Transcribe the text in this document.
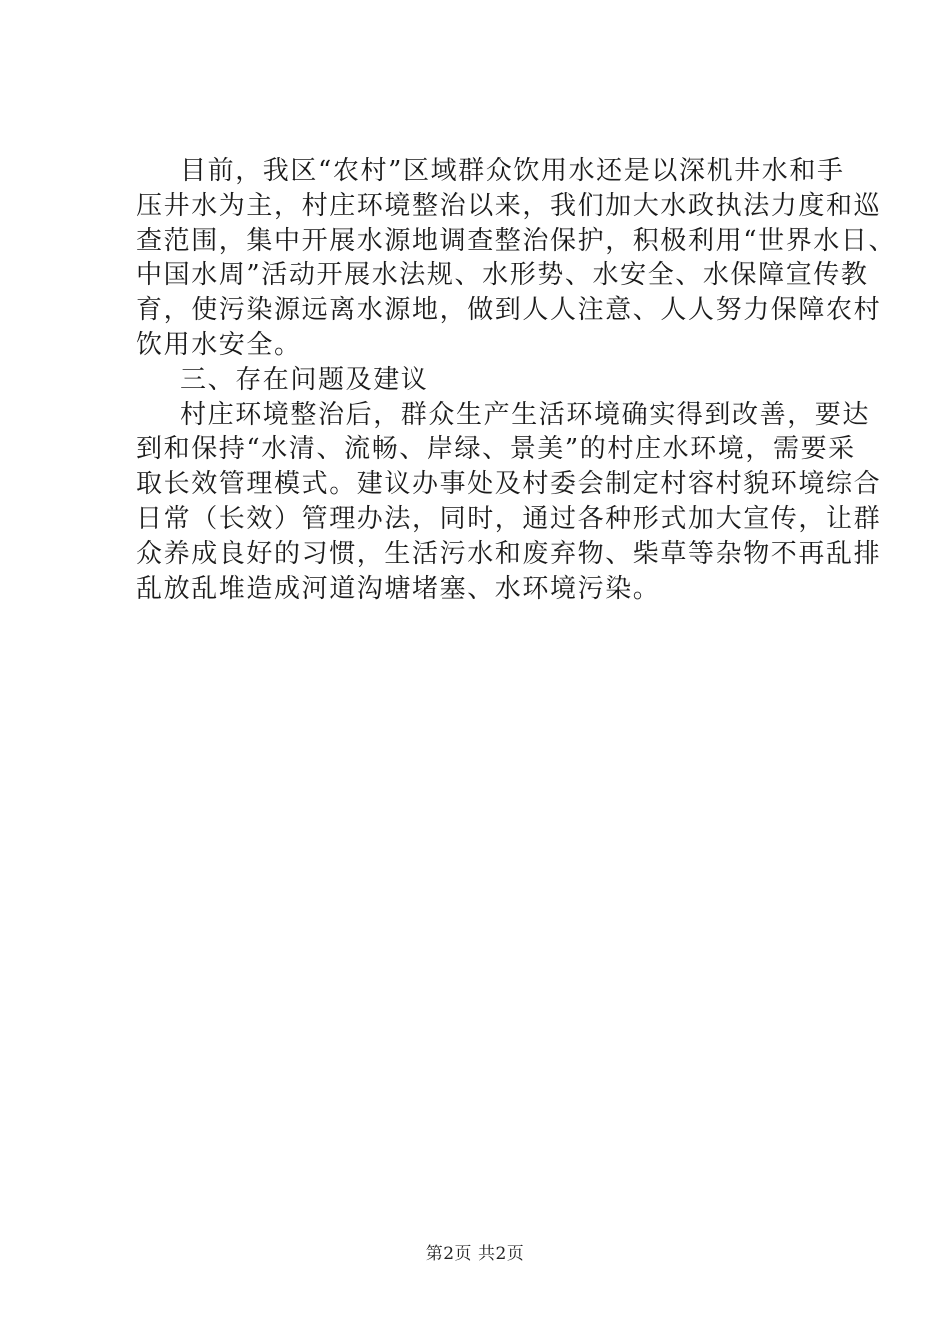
目前，我区“农村”区域群众饮用水还是以深机井水和手
压井水为主，村庄环境整治以来，我们加大水政执法力度和巡
查范围，集中开展水源地调查整治保护，积极利用“世界水日、
中国水周”活动开展水法规、水形势、水安全、水保障宣传教
育，使污染源远离水源地，做到人人注意、人人努力保障农村
饮用水安全。
三、存在问题及建议
村庄环境整治后，群众生产生活环境确实得到改善，要达
到和保持“水清、流畅、岸绿、景美”的村庄水环境，需要采
取长效管理模式。建议办事处及村委会制定村容村貌环境综合
日常（长效）管理办法，同时，通过各种形式加大宣传，让群
众养成良好的习惯，生活污水和废弃物、柴草等杂物不再乱排
乱放乱堆造成河道沟塘堵塞、水环境污染。
第2页 共2页
